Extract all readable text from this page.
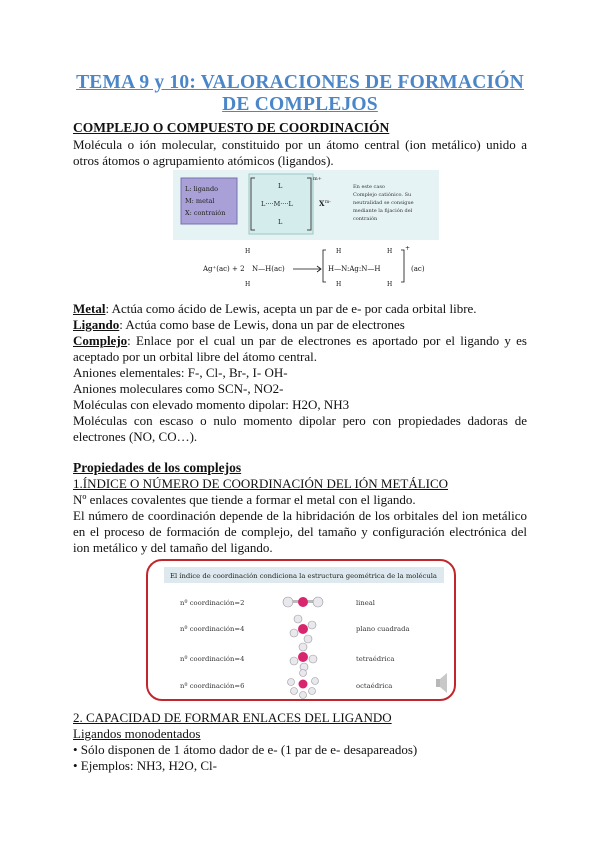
TEMA 9 y 10: VALORACIONES DE FORMACIÓN

DE COMPLEJOS

COMPLEJO O COMPUESTO DE COORDINACIÓN

Molécula o ión molecular, constituido por un átomo central (ion metálico) unido a otros átomos o agrupamiento atómicos (ligandos).

L: ligando
M: metal
X: contraión
L
L····M····L
L
m+
X m-
En este caso
Complejo catiónico. Su
neutralidad se consigue
mediante la fijación del
contraión
Ag⁺(ac) + 2
H
N—H(ac)
H
H	H
H—N:Ag:N—H
H	H
+
(ac)

Metal: Actúa como ácido de Lewis, acepta un par de e- por cada orbital libre.

Ligando: Actúa como base de Lewis, dona un par de electrones

Complejo: Enlace por el cual un par de electrones es aportado por el ligando y es aceptado por un orbital libre del átomo central.

Aniones elementales: F-, Cl-, Br-, I- OH-

Aniones moleculares como SCN-, NO2-

Moléculas con elevado momento dipolar: H2O, NH3

Moléculas con escaso o nulo momento dipolar pero con propiedades dadoras de electrones (NO, CO…).

Propiedades de los complejos

1.ÍNDICE O NÚMERO DE COORDINACIÓN DEL IÓN METÁLICO

Nº enlaces covalentes que tiende a formar el metal con el ligando.

El número de coordinación depende de la hibridación de los orbitales del ion metálico en el proceso de formación de complejo, del tamaño y configuración electrónica del ion metálico y del tamaño del ligando.

El índice de coordinación condiciona la estructura geométrica de la molécula
nº coordinación=2	lineal
nº coordinación=4	plano cuadrada
nº coordinación=4	tetraédrica
nº coordinación=6	octaédrica

2. CAPACIDAD DE FORMAR ENLACES DEL LIGANDO

Ligandos monodentados

• Sólo disponen de 1 átomo dador de e- (1 par de e- desapareados)

• Ejemplos: NH3, H2O, Cl-
